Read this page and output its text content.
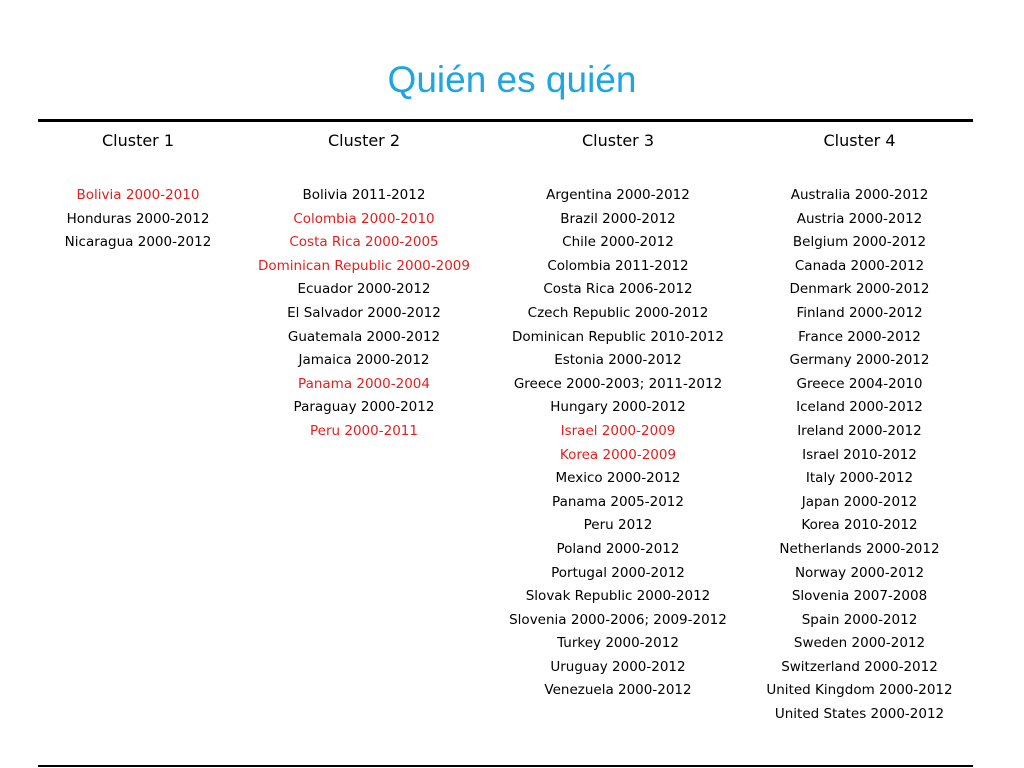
Quién es quién
Cluster 1
Bolivia 2000-2010
Honduras 2000-2012
Nicaragua 2000-2012
Cluster 2
Bolivia 2011-2012
Colombia 2000-2010
Costa Rica 2000-2005
Dominican Republic 2000-2009
Ecuador 2000-2012
El Salvador 2000-2012
Guatemala 2000-2012
Jamaica 2000-2012
Panama 2000-2004
Paraguay 2000-2012
Peru 2000-2011
Cluster 3
Argentina 2000-2012
Brazil 2000-2012
Chile 2000-2012
Colombia 2011-2012
Costa Rica 2006-2012
Czech Republic 2000-2012
Dominican Republic 2010-2012
Estonia 2000-2012
Greece 2000-2003; 2011-2012
Hungary 2000-2012
Israel 2000-2009
Korea 2000-2009
Mexico 2000-2012
Panama 2005-2012
Peru 2012
Poland 2000-2012
Portugal 2000-2012
Slovak Republic 2000-2012
Slovenia 2000-2006; 2009-2012
Turkey 2000-2012
Uruguay 2000-2012
Venezuela 2000-2012
Cluster 4
Australia 2000-2012
Austria 2000-2012
Belgium 2000-2012
Canada 2000-2012
Denmark 2000-2012
Finland 2000-2012
France 2000-2012
Germany 2000-2012
Greece 2004-2010
Iceland 2000-2012
Ireland 2000-2012
Israel 2010-2012
Italy 2000-2012
Japan 2000-2012
Korea 2010-2012
Netherlands 2000-2012
Norway 2000-2012
Slovenia 2007-2008
Spain 2000-2012
Sweden 2000-2012
Switzerland 2000-2012
United Kingdom 2000-2012
United States 2000-2012
